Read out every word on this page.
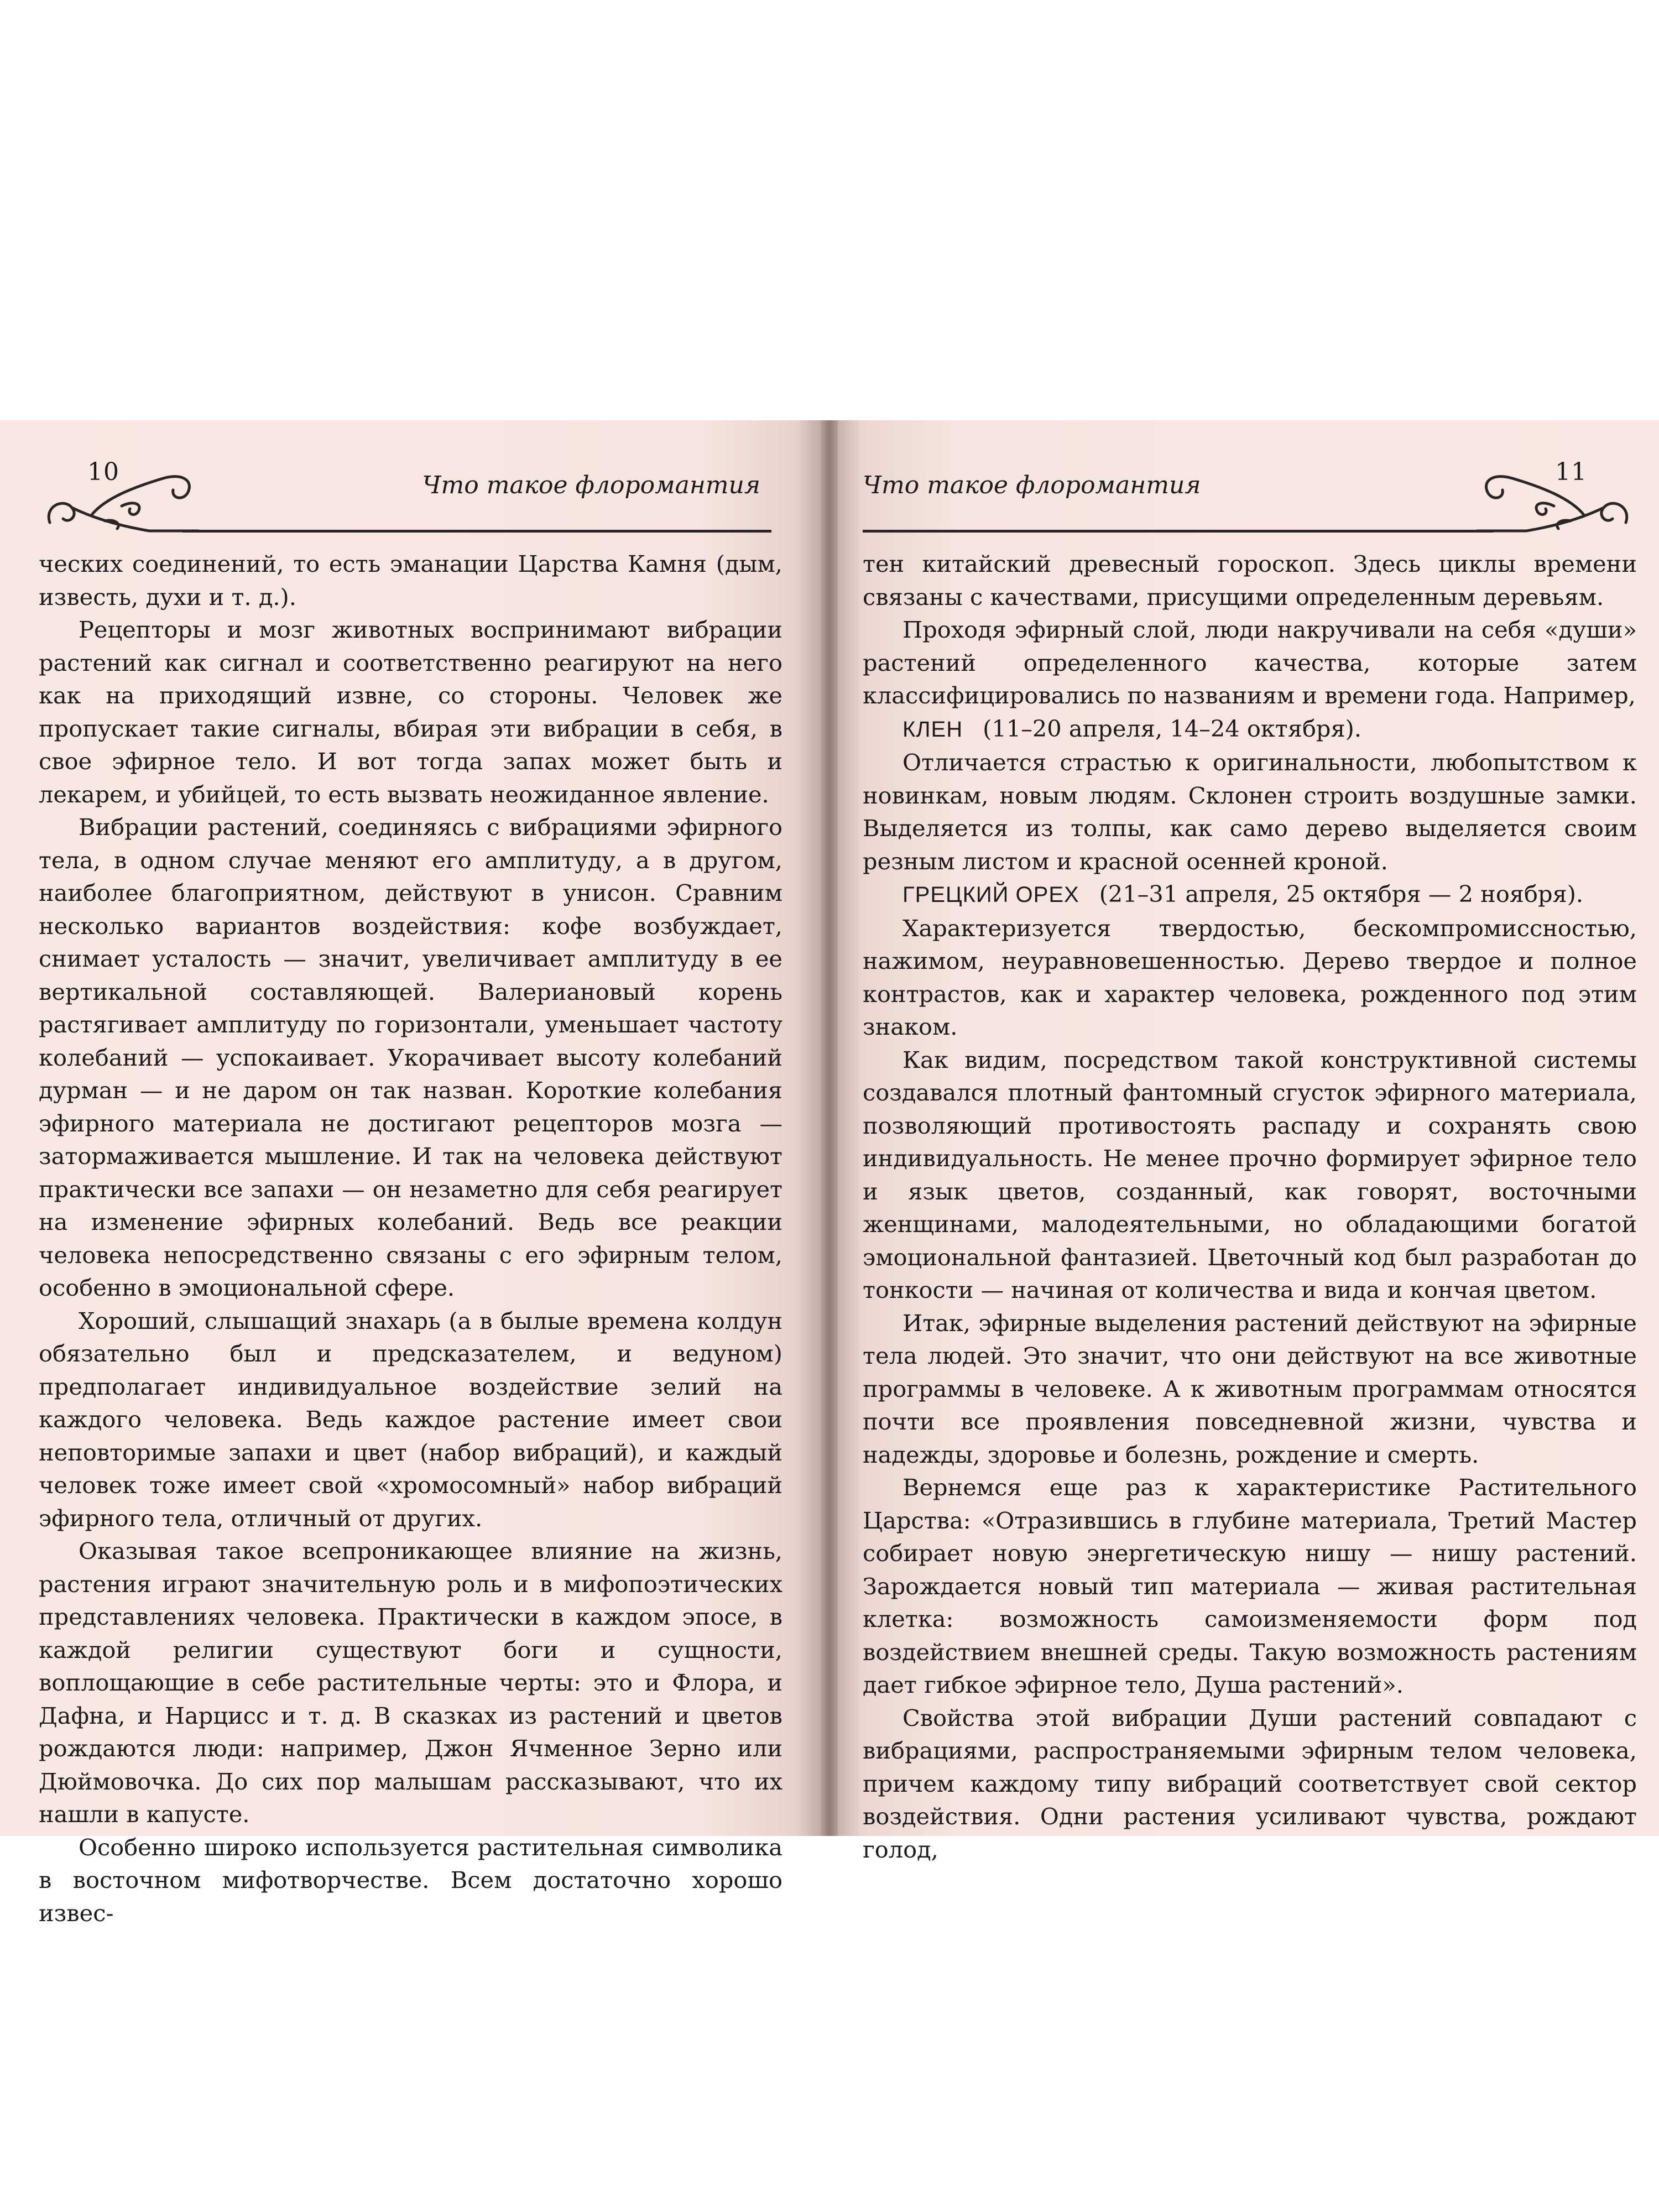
10	Что такое флоромантия

ческих соединений, то есть эманации Царства Камня (дым, известь, духи и т. д.).

Рецепторы и мозг животных воспринимают вибрации растений как сигнал и соответственно реагируют на него как на приходящий извне, со стороны. Человек же пропускает такие сигналы, вбирая эти вибрации в себя, в свое эфирное тело. И вот тогда запах может быть и лекарем, и убийцей, то есть вызвать неожиданное явление.

Вибрации растений, соединяясь с вибрациями эфирного тела, в одном случае меняют его амплитуду, а в другом, наиболее благоприятном, действуют в унисон. Сравним несколько вариантов воздействия: кофе возбуждает, снимает усталость — значит, увеличивает амплитуду в ее вертикальной составляющей. Валериановый корень растягивает амплитуду по горизонтали, уменьшает частоту колебаний — успокаивает. Укорачивает высоту колебаний дурман — и не даром он так назван. Короткие колебания эфирного материала не достигают рецепторов мозга — затормаживается мышление. И так на человека действуют практически все запахи — он незаметно для себя реагирует на изменение эфирных колебаний. Ведь все реакции человека непосредственно связаны с его эфирным телом, особенно в эмоциональной сфере.

Хороший, слышащий знахарь (а в былые времена колдун обязательно был и предсказателем, и ведуном) предполагает индивидуальное воздействие зелий на каждого человека. Ведь каждое растение имеет свои неповторимые запахи и цвет (набор вибраций), и каждый человек тоже имеет свой «хромосомный» набор вибраций эфирного тела, отличный от других.

Оказывая такое всепроникающее влияние на жизнь, растения играют значительную роль и в мифопоэтических представлениях человека. Практически в каждом эпосе, в каждой религии существуют боги и сущности, воплощающие в себе растительные черты: это и Флора, и Дафна, и Нарцисс и т. д. В сказках из растений и цветов рождаются люди: например, Джон Ячменное Зерно или Дюймовочка. До сих пор малышам рассказывают, что их нашли в капусте.

Особенно широко используется растительная символика в восточном мифотворчестве. Всем достаточно хорошо извес-

11
Что такое флоромантия

тен китайский древесный гороскоп. Здесь циклы времени связаны с качествами, присущими определенным деревьям.

Проходя эфирный слой, люди накручивали на себя «души» растений определенного качества, которые затем классифицировались по названиям и времени года. Например,

КЛЕН (11–20 апреля, 14–24 октября).

Отличается страстью к оригинальности, любопытством к новинкам, новым людям. Склонен строить воздушные замки. Выделяется из толпы, как само дерево выделяется своим резным листом и красной осенней кроной.

ГРЕЦКИЙ ОРЕХ (21–31 апреля, 25 октября — 2 ноября).

Характеризуется твердостью, бескомпромиссностью, нажимом, неуравновешенностью. Дерево твердое и полное контрастов, как и характер человека, рожденного под этим знаком.

Как видим, посредством такой конструктивной системы создавался плотный фантомный сгусток эфирного материала, позволяющий противостоять распаду и сохранять свою индивидуальность. Не менее прочно формирует эфирное тело и язык цветов, созданный, как говорят, восточными женщинами, малодеятельными, но обладающими богатой эмоциональной фантазией. Цветочный код был разработан до тонкости — начиная от количества и вида и кончая цветом.

Итак, эфирные выделения растений действуют на эфирные тела людей. Это значит, что они действуют на все животные программы в человеке. А к животным программам относятся почти все проявления повседневной жизни, чувства и надежды, здоровье и болезнь, рождение и смерть.

Вернемся еще раз к характеристике Растительного Царства: «Отразившись в глубине материала, Третий Мастер собирает новую энергетическую нишу — нишу растений. Зарождается новый тип материала — живая растительная клетка: возможность самоизменяемости форм под воздействием внешней среды. Такую возможность растениям дает гибкое эфирное тело, Душа растений».

Свойства этой вибрации Души растений совпадают с вибрациями, распространяемыми эфирным телом человека, причем каждому типу вибраций соответствует свой сектор воздействия. Одни растения усиливают чувства, рождают голод,
